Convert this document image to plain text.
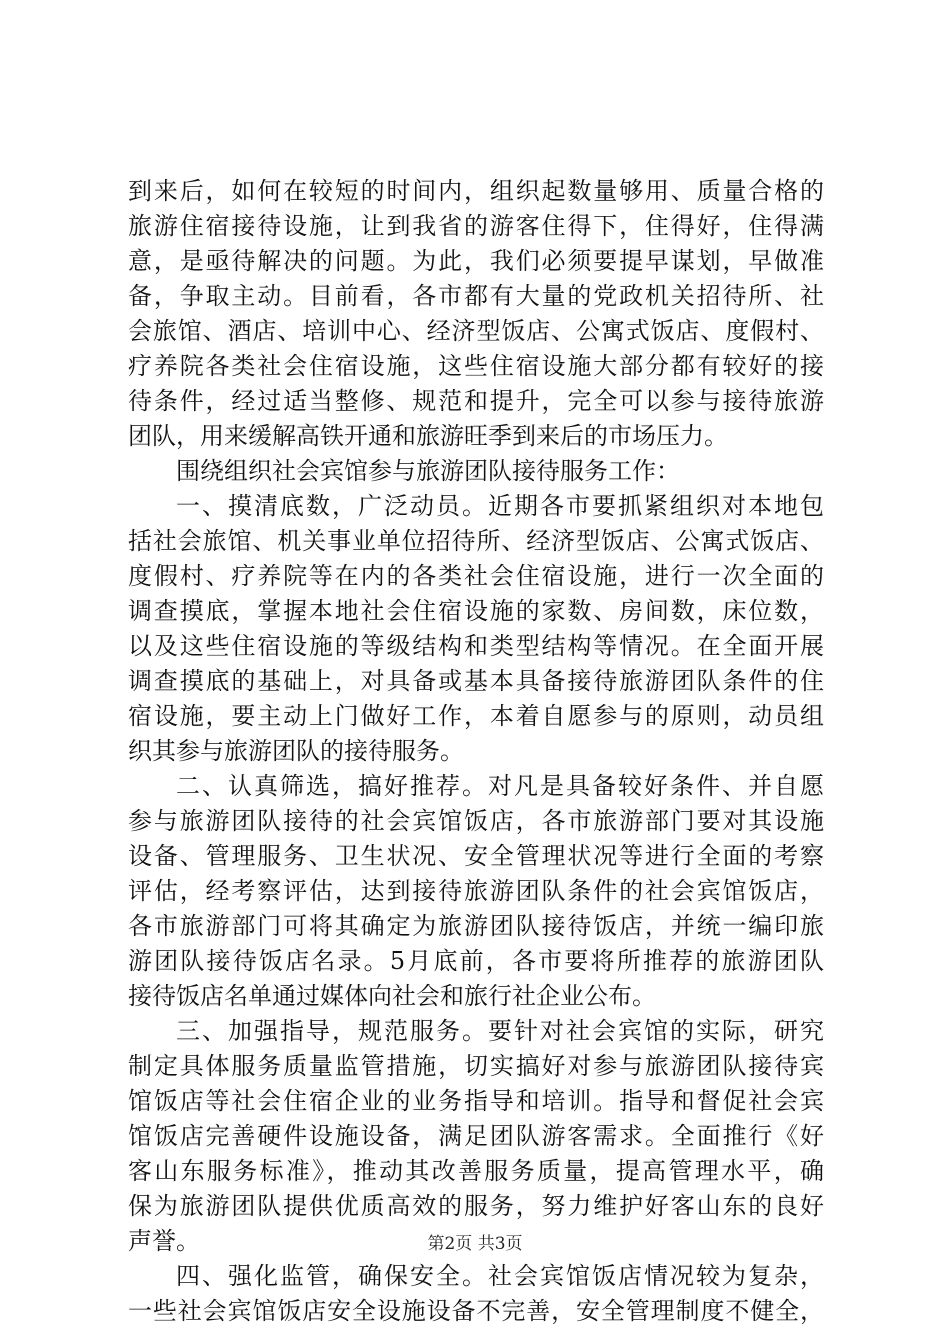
到来后，如何在较短的时间内，组织起数量够用、质量合格的
旅游住宿接待设施，让到我省的游客住得下，住得好，住得满
意，是亟待解决的问题。为此，我们必须要提早谋划，早做准
备，争取主动。目前看，各市都有大量的党政机关招待所、社
会旅馆、酒店、培训中心、经济型饭店、公寓式饭店、度假村、
疗养院各类社会住宿设施，这些住宿设施大部分都有较好的接
待条件，经过适当整修、规范和提升，完全可以参与接待旅游
团队，用来缓解高铁开通和旅游旺季到来后的市场压力。
围绕组织社会宾馆参与旅游团队接待服务工作：
一、摸清底数，广泛动员。近期各市要抓紧组织对本地包
括社会旅馆、机关事业单位招待所、经济型饭店、公寓式饭店、
度假村、疗养院等在内的各类社会住宿设施，进行一次全面的
调查摸底，掌握本地社会住宿设施的家数、房间数，床位数，
以及这些住宿设施的等级结构和类型结构等情况。在全面开展
调查摸底的基础上，对具备或基本具备接待旅游团队条件的住
宿设施，要主动上门做好工作，本着自愿参与的原则，动员组
织其参与旅游团队的接待服务。
二、认真筛选，搞好推荐。对凡是具备较好条件、并自愿
参与旅游团队接待的社会宾馆饭店，各市旅游部门要对其设施
设备、管理服务、卫生状况、安全管理状况等进行全面的考察
评估，经考察评估，达到接待旅游团队条件的社会宾馆饭店，
各市旅游部门可将其确定为旅游团队接待饭店，并统一编印旅
游团队接待饭店名录。5月底前，各市要将所推荐的旅游团队
接待饭店名单通过媒体向社会和旅行社企业公布。
三、加强指导，规范服务。要针对社会宾馆的实际，研究
制定具体服务质量监管措施，切实搞好对参与旅游团队接待宾
馆饭店等社会住宿企业的业务指导和培训。指导和督促社会宾
馆饭店完善硬件设施设备，满足团队游客需求。全面推行《好
客山东服务标准》，推动其改善服务质量，提高管理水平，确
保为旅游团队提供优质高效的服务，努力维护好客山东的良好
声誉。
四、强化监管，确保安全。社会宾馆饭店情况较为复杂，
一些社会宾馆饭店安全设施设备不完善，安全管理制度不健全，
第2页 共3页
